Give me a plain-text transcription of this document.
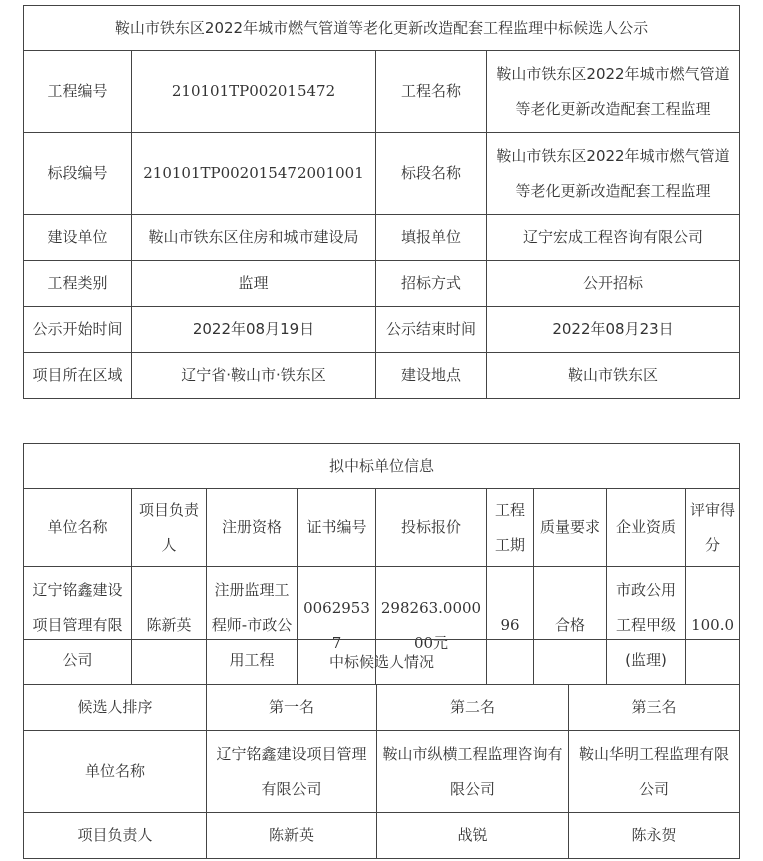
鞍山市铁东区2022年城市燃气管道等老化更新改造配套工程监理中标候选人公示			
工程编号	210101TP002015472	工程名称	鞍山市铁东区2022年城市燃气管道等老化更新改造配套工程监理
标段编号	210101TP002015472001001	标段名称	鞍山市铁东区2022年城市燃气管道等老化更新改造配套工程监理
建设单位	鞍山市铁东区住房和城市建设局	填报单位	辽宁宏成工程咨询有限公司
工程类别	监理	招标方式	公开招标
公示开始时间	2022年08月19日	公示结束时间	2022年08月23日
项目所在区域	辽宁省·鞍山市·铁东区	建设地点	鞍山市铁东区
拟中标单位信息								
单位名称	项目负责人	注册资格	证书编号	投标报价	工程工期	质量要求	企业资质	评审得分
辽宁铭鑫建设项目管理有限公司	陈新英	注册监理工程师-市政公用工程	00629537	298263.000000元	96	合格	市政公用工程甲级(监理)	100.0
中标候选人情况			
候选人排序	第一名	第二名	第三名
单位名称	辽宁铭鑫建设项目管理有限公司	鞍山市纵横工程监理咨询有限公司	鞍山华明工程监理有限公司
项目负责人	陈新英	战锐	陈永贺
